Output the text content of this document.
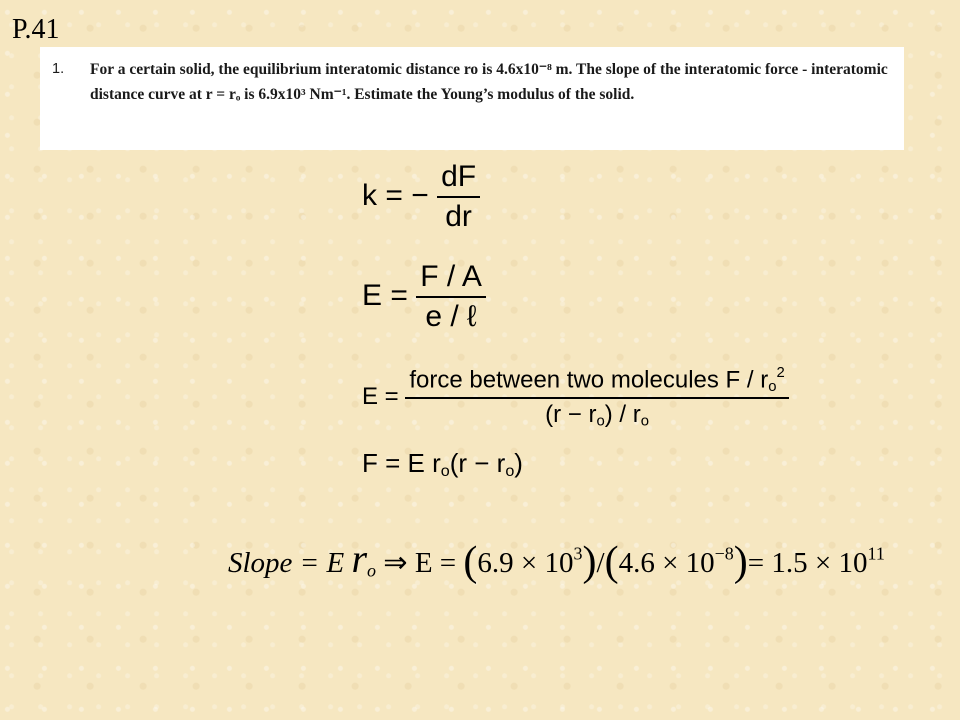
P.41
1. For a certain solid, the equilibrium interatomic distance ro is 4.6x10⁻⁸ m. The slope of the interatomic force - interatomic distance curve at r = rₒ is 6.9x10³ Nm⁻¹. Estimate the Young’s modulus of the solid.
k = − $\frac{dF}{dr}$
$E = \frac{F / A}{\text{e / ℓ}}$
$E = \frac{force between two molecules F / r_o^2}{(r - r_o) / r_o}$
F = E $r_o(r - r_o)$
Slope = E $r_o$ ⇒ $E = (6.9 \times 10^3)/(4.6 \times 10^{-8})= 1.5 \times 10^{11}$
